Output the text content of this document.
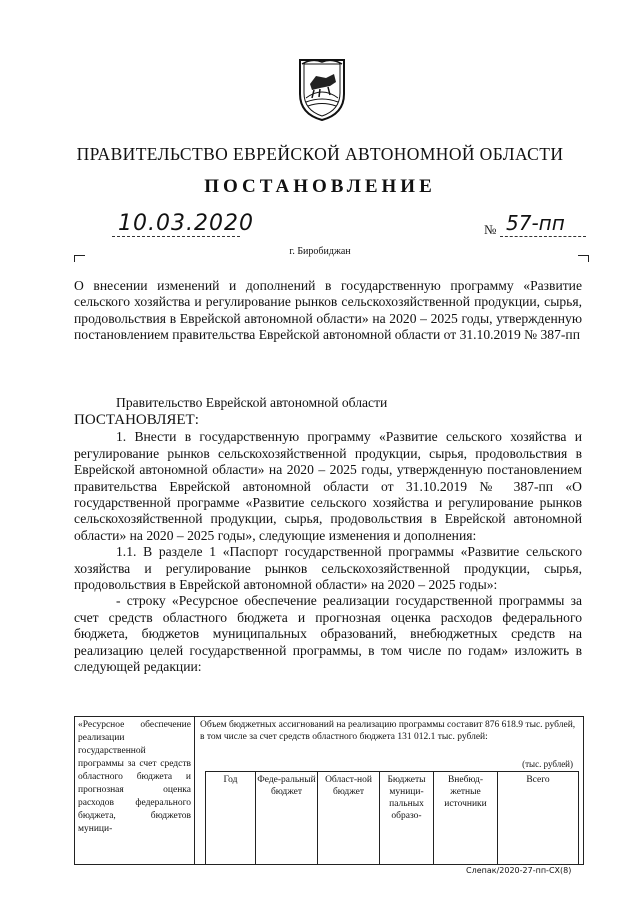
ПРАВИТЕЛЬСТВО ЕВРЕЙСКОЙ АВТОНОМНОЙ ОБЛАСТИ
ПОСТАНОВЛЕНИЕ
10.03.2020	№ 57-пп
г. Биробиджан
О внесении изменений и дополнений в государственную программу «Развитие сельского хозяйства и регулирование рынков сельскохозяйственной продукции, сырья, продовольствия в Еврейской автономной области» на 2020 – 2025 годы, утвержденную постановлением правительства Еврейской автономной области от 31.10.2019 № 387-пп
Правительство Еврейской автономной области
ПОСТАНОВЛЯЕТ:

1. Внести в государственную программу «Развитие сельского хозяйства и регулирование рынков сельскохозяйственной продукции, сырья, продовольствия в Еврейской автономной области» на 2020 – 2025 годы, утвержденную постановлением правительства Еврейской автономной области от 31.10.2019 № 387-пп «О государственной программе «Развитие сельского хозяйства и регулирование рынков сельскохозяйственной продукции, сырья, продовольствия в Еврейской автономной области» на 2020 – 2025 годы», следующие изменения и дополнения:

1.1. В разделе 1 «Паспорт государственной программы «Развитие сельского хозяйства и регулирование рынков сельскохозяйственной продукции, сырья, продовольствия в Еврейской автономной области» на 2020 – 2025 годы»:

- строку «Ресурсное обеспечение реализации государственной программы за счет средств областного бюджета и прогнозная оценка расходов федерального бюджета, бюджетов муниципальных образований, внебюджетных средств на реализацию целей государственной программы, в том числе по годам» изложить в следующей редакции:

«Ресурсное обеспечение реализации государственной программы за счет средств областного бюджета и прогнозная оценка расходов федерального бюджета, бюджетов муници-
Объем бюджетных ассигнований на реализацию программы составит 876 618.9 тыс. рублей, в том числе за счет средств областного бюджета 131 012.1 тыс. рублей:
(тыс. рублей)
Год	Феде-ральный бюджет
Област-ной бюджет
Бюджеты муници-пальных образо-
Внебюд-жетные источники
Всего
Слепак/2020-27-пп-СХ(8)
